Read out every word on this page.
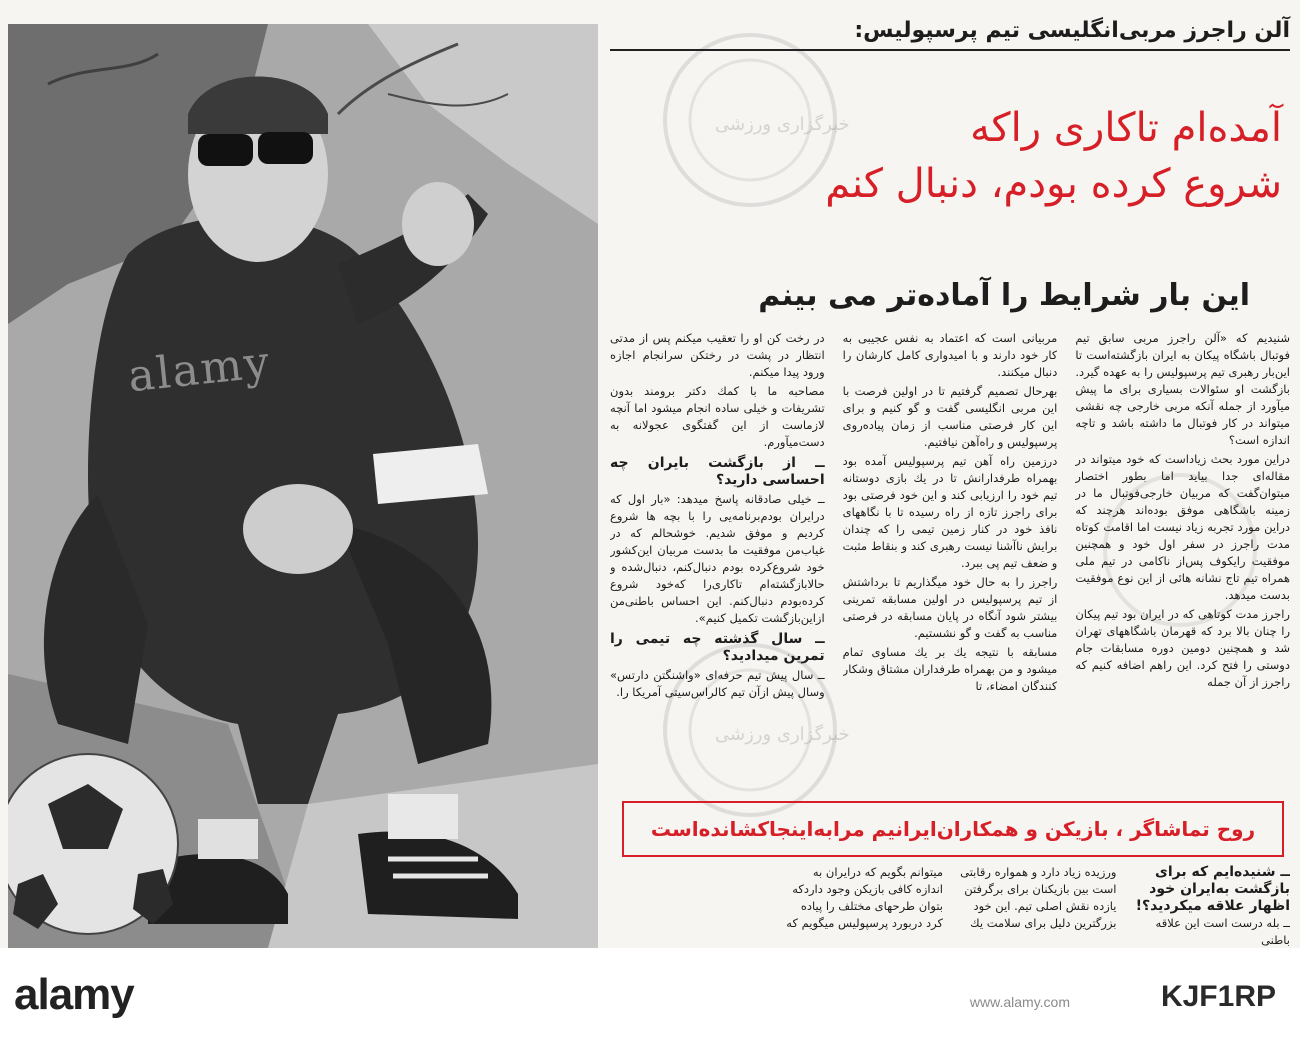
alamy
خبرگزاری ورزشی
خبرگزاری ورزشی
آلن راجرز مربی‌انگلیسی تیم پرسپولیس:
آمده‌ام تاکاری راکه
شروع کرده بودم، دنبال کنم
این بار شرایط را آماده‌تر می بینم

شنیدیم که «آلن راجرز مربی سابق تیم فوتبال باشگاه پیکان به ایران بازگشته‌است تا این‌بار رهبری تیم پرسپولیس را به عهده گیرد. بازگشت او سئوالات بسیاری برای ما پیش میآورد از جمله آنکه مربی خارجی چه نقشی میتواند در کار فوتبال ما داشته باشد و تاچه اندازه است؟

دراین مورد بحث زیاداست که خود میتواند در مقاله‌ای جدا بیاید اما بطور اختصار میتوان‌گفت که مربیان خارجی‌فوتبال ما در زمینه باشگاهی موفق بوده‌اند هرچند که دراین مورد تجربه زیاد نیست اما اقامت کوتاه مدت راجرز در سفر اول خود و همچنین موفقیت رایکوف پس‌از ناکامی در تیم ملی همراه تیم تاج نشانه هائی از این نوع موفقیت بدست میدهد.

راجرز مدت کوتاهی که در ایران بود تیم پیکان را چنان بالا برد که قهرمان باشگاههای تهران شد و همچنین دومین دوره مسابقات جام دوستی را فتح کرد. این راهم اضافه کنیم که راجرز از آن جمله

مربیانی است که اعتماد به نفس عجیبی به کار خود دارند و با امیدواری کامل کارشان را دنبال میکنند.

بهرحال تصمیم گرفتیم تا در اولین فرصت با این مربی انگلیسی گفت و گو کنیم و برای این کار فرصتی مناسب از زمان پیاده‌روی پرسپولیس و راه‌آهن نیافتیم.

درزمین راه آهن تیم پرسپولیس آمده بود بهمراه طرفدارانش تا در یك بازی دوستانه تیم خود را ارزیابی کند و این خود فرصتی بود برای راجرز تازه از راه رسیده تا با نگاههای نافذ خود در کنار زمین تیمی را که چندان برایش ناآشنا نیست رهبری کند و بنقاط مثبت و ضعف تیم پی ببرد.

راجرز را به حال خود میگذاریم تا برداشتش از تیم پرسپولیس در اولین مسابقه تمرینی بیشتر شود آنگاه در پایان مسابقه در فرصتی مناسب به گفت و گو نشستیم.

مسابقه با نتیجه یك بر یك مساوی تمام میشود و من بهمراه طرفداران مشتاق وشکار کنندگان امضاء، تا

در رخت کن او را تعقیب میکنم پس از مدتی انتظار در پشت در رختکن سرانجام اجازه ورود پیدا میکنم.

مصاحبه ما با کمك دکتر برومند بدون تشریفات و خیلی ساده انجام میشود اما آنچه لازماست از این گفتگوی عجولانه به دست‌میآورم.

ــ از بازگشت بایران چه احساسی دارید؟

ــ خیلی صادقانه پاسخ میدهد: «بار اول که درایران بودم‌برنامه‌یی را با بچه ها شروع کردیم و موفق شدیم. خوشحالم که در غیاب‌من موفقیت ما بدست مربیان این‌کشور خود شروع‌کرده بودم دنبال‌کنم، دنبال‌شده و حالابازگشته‌ام تاکاری‌را که‌خود شروع کرده‌بودم دنبال‌کنم. این احساس باطنی‌من ازاین‌بازگشت تکمیل کنیم».

ــ سال گذشته چه تیمی را تمرین میدادید؟

ــ سال پیش تیم حرفه‌ای «واشنگتن دارتس» وسال پیش ازآن تیم کالراس‌سیتی آمریکا را.

روح تماشاگر ، بازیکن و همکاران‌ایرانیم مرابه‌اینجاکشانده‌است
ــ شنیده‌ایم که برای بازگشت به‌ایران خود اظهار علاقه میکردید؟!
ــ بله درست است این علاقه باطنی
ورزیده زیاد دارد و همواره رقابتی است بین بازیکنان برای برگرفتن یازده نقش اصلی تیم. این خود بزرگترین دلیل برای سلامت یك
میتوانم بگویم که درایران به اندازه کافی بازیکن وجود دارد‌که بتوان طرحهای مختلف را پیاده کرد دربورد پرسپولیس میگویم که
alamy	www.alamy.com	KJF1RP
